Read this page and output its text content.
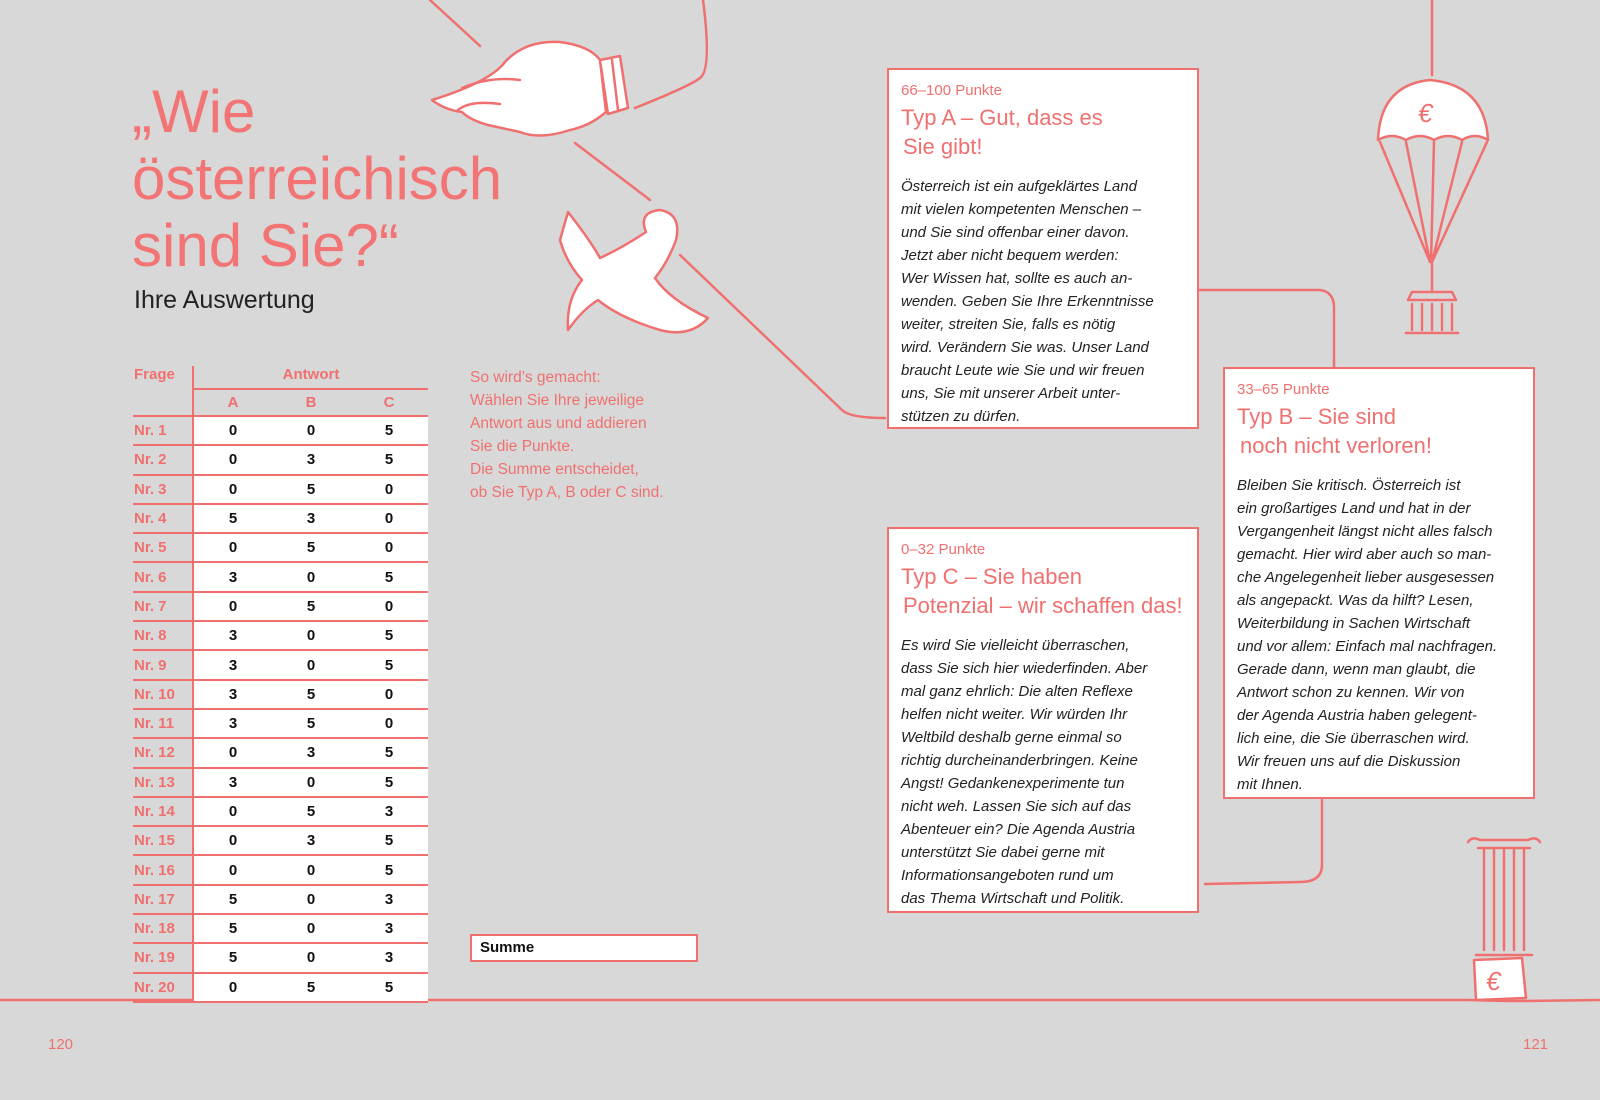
€
€
„Wie
österreichisch
sind Sie?“
Ihre Auswertung
Frage	Antwort		
	A	B	C
Nr. 1	0	0	5
Nr. 2	0	3	5
Nr. 3	0	5	0
Nr. 4	5	3	0
Nr. 5	0	5	0
Nr. 6	3	0	5
Nr. 7	0	5	0
Nr. 8	3	0	5
Nr. 9	3	0	5
Nr. 10	3	5	0
Nr. 11	3	5	0
Nr. 12	0	3	5
Nr. 13	3	0	5
Nr. 14	0	5	3
Nr. 15	0	3	5
Nr. 16	0	0	5
Nr. 17	5	0	3
Nr. 18	5	0	3
Nr. 19	5	0	3
Nr. 20	0	5	5
So wird’s gemacht:
Wählen Sie Ihre jeweilige
Antwort aus und addieren
Sie die Punkte.
Die Summe entscheidet,
ob Sie Typ A, B oder C sind.
Summe
66–100 Punkte
Typ A – Gut, dass es
Sie gibt!
Österreich ist ein aufgeklärtes Land
mit vielen kompetenten Menschen –
und Sie sind offenbar einer davon.
Jetzt aber nicht bequem werden:
Wer Wissen hat, sollte es auch an-
wenden. Geben Sie Ihre Erkenntnisse
weiter, streiten Sie, falls es nötig
wird. Verändern Sie was. Unser Land
braucht Leute wie Sie und wir freuen
uns, Sie mit unserer Arbeit unter-
stützen zu dürfen.
33–65 Punkte
Typ B – Sie sind
noch nicht verloren!
Bleiben Sie kritisch. Österreich ist
ein großartiges Land und hat in der
Vergangenheit längst nicht alles falsch
gemacht. Hier wird aber auch so man-
che Angelegenheit lieber ausgesessen
als angepackt. Was da hilft? Lesen,
Weiterbildung in Sachen Wirtschaft
und vor allem: Einfach mal nachfragen.
Gerade dann, wenn man glaubt, die
Antwort schon zu kennen. Wir von
der Agenda Austria haben gelegent-
lich eine, die Sie überraschen wird.
Wir freuen uns auf die Diskussion
mit Ihnen.
0–32 Punkte
Typ C – Sie haben
Potenzial – wir schaffen das!
Es wird Sie vielleicht überraschen,
dass Sie sich hier wiederfinden. Aber
mal ganz ehrlich: Die alten Reflexe
helfen nicht weiter. Wir würden Ihr
Weltbild deshalb gerne einmal so
richtig durcheinanderbringen. Keine
Angst! Gedankenexperimente tun
nicht weh. Lassen Sie sich auf das
Abenteuer ein? Die Agenda Austria
unterstützt Sie dabei gerne mit
Informationsangeboten rund um
das Thema Wirtschaft und Politik.
120	121
